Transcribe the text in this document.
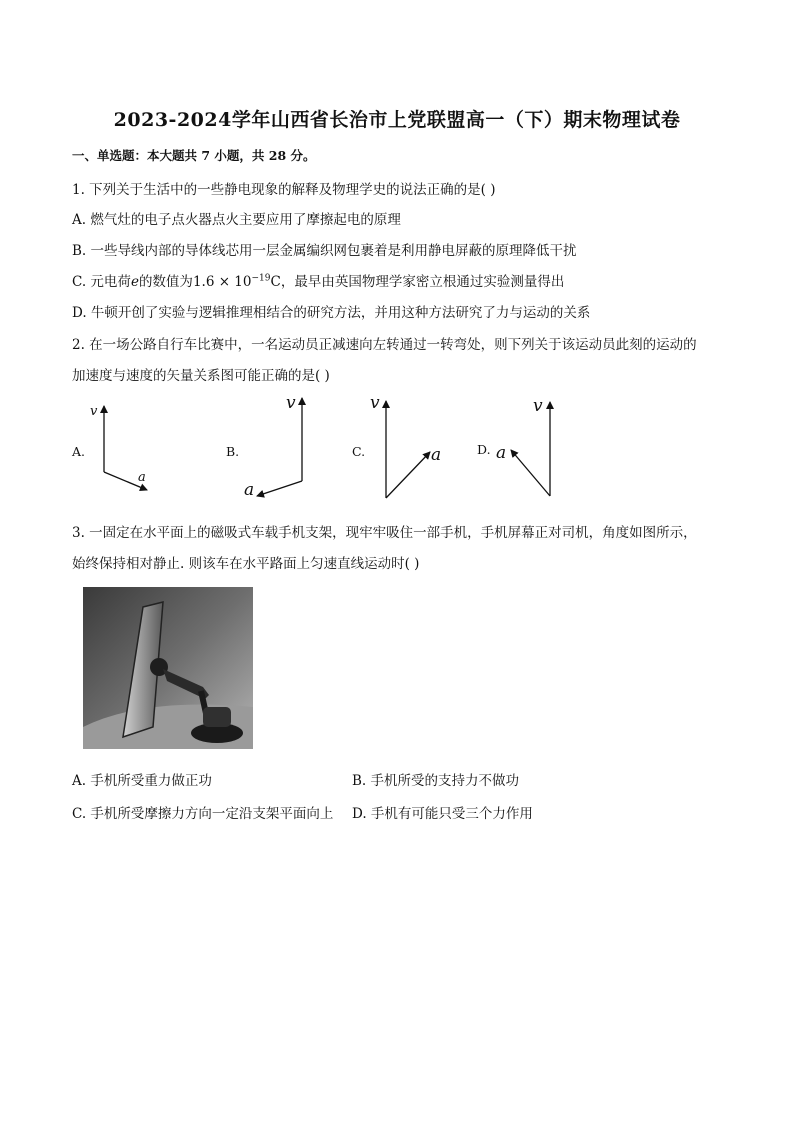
2023-2024学年山西省长治市上党联盟高一（下）期末物理试卷
一、单选题：本大题共 7 小题，共 28 分。
1. 下列关于生活中的一些静电现象的解释及物理学史的说法正确的是( )
A. 燃气灶的电子点火器点火主要应用了摩擦起电的原理
B. 一些导线内部的导体线芯用一层金属编织网包裹着是利用静电屏蔽的原理降低干扰
C. 元电荷e的数值为$1.6 \times 10^{-19}C$，最早由英国物理学家密立根通过实验测量得出
D. 牛顿开创了实验与逻辑推理相结合的研究方法，并用这种方法研究了力与运动的关系
2. 在一场公路自行车比赛中，一名运动员正减速向左转通过一转弯处，则下列关于该运动员此刻的运动的
加速度与速度的矢量关系图可能正确的是( )
A.
v
a
B.
v
a
C.
v
a	D.
v
a
3. 一固定在水平面上的磁吸式车载手机支架，现牢牢吸住一部手机，手机屏幕正对司机，角度如图所示，
始终保持相对静止. 则该车在水平路面上匀速直线运动时( )
A. 手机所受重力做正功	B. 手机所受的支持力不做功
C. 手机所受摩擦力方向一定沿支架平面向上 D. 手机有可能只受三个力作用
